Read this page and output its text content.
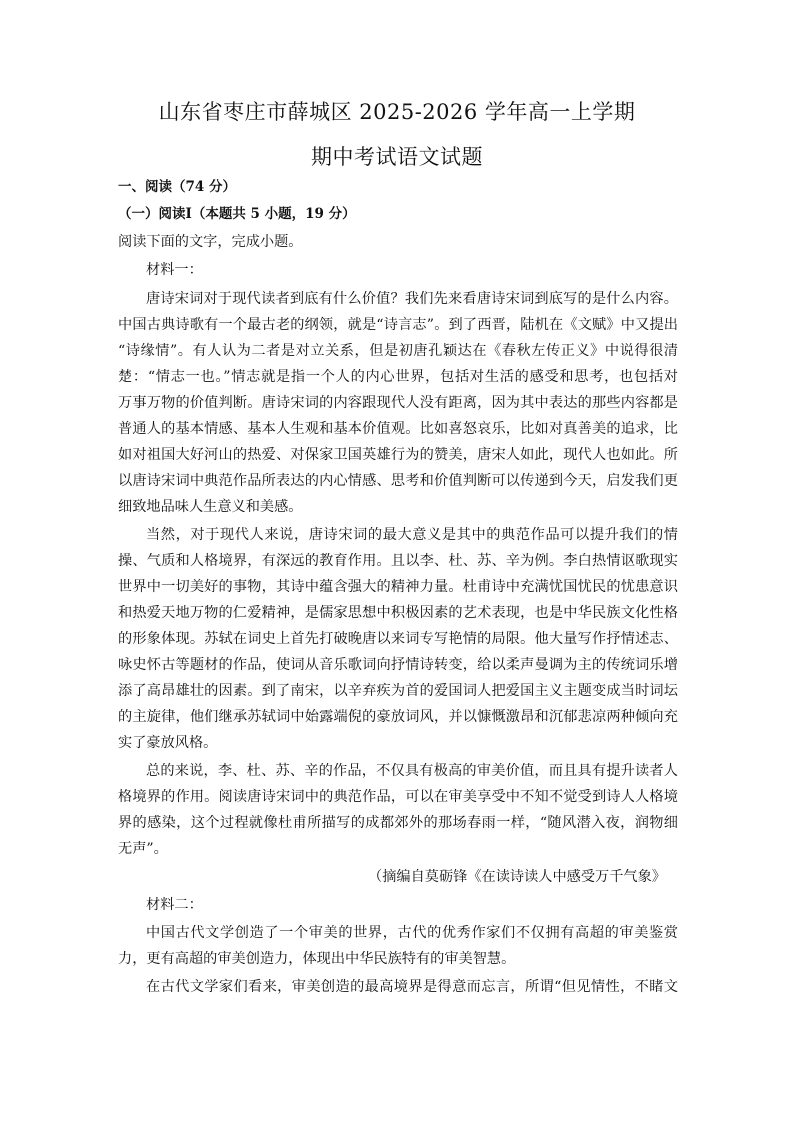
山东省枣庄市薛城区 2025-2026 学年高一上学期
期中考试语文试题
一、阅读（74 分）
（一）阅读Ⅰ（本题共 5 小题，19 分）
阅读下面的文字，完成小题。
材料一：
唐诗宋词对于现代读者到底有什么价值？我们先来看唐诗宋词到底写的是什么内容。
中国古典诗歌有一个最古老的纲领，就是“诗言志”。到了西晋，陆机在《文赋》中又提出
“诗缘情”。有人认为二者是对立关系，但是初唐孔颖达在《春秋左传正义》中说得很清
楚：“情志一也。”情志就是指一个人的内心世界，包括对生活的感受和思考，也包括对
万事万物的价值判断。唐诗宋词的内容跟现代人没有距离，因为其中表达的那些内容都是
普通人的基本情感、基本人生观和基本价值观。比如喜怒哀乐，比如对真善美的追求，比
如对祖国大好河山的热爱、对保家卫国英雄行为的赞美，唐宋人如此，现代人也如此。所
以唐诗宋词中典范作品所表达的内心情感、思考和价值判断可以传递到今天，启发我们更
细致地品味人生意义和美感。
当然，对于现代人来说，唐诗宋词的最大意义是其中的典范作品可以提升我们的情
操、气质和人格境界，有深远的教育作用。且以李、杜、苏、辛为例。李白热情讴歌现实
世界中一切美好的事物，其诗中蕴含强大的精神力量。杜甫诗中充满忧国忧民的忧患意识
和热爱天地万物的仁爱精神，是儒家思想中积极因素的艺术表现，也是中华民族文化性格
的形象体现。苏轼在词史上首先打破晚唐以来词专写艳情的局限。他大量写作抒情述志、
咏史怀古等题材的作品，使词从音乐歌词向抒情诗转变，给以柔声曼调为主的传统词乐增
添了高昂雄壮的因素。到了南宋，以辛弃疾为首的爱国词人把爱国主义主题变成当时词坛
的主旋律，他们继承苏轼词中始露端倪的豪放词风，并以慷慨激昂和沉郁悲凉两种倾向充
实了豪放风格。
总的来说，李、杜、苏、辛的作品，不仅具有极高的审美价值，而且具有提升读者人
格境界的作用。阅读唐诗宋词中的典范作品，可以在审美享受中不知不觉受到诗人人格境
界的感染，这个过程就像杜甫所描写的成都郊外的那场春雨一样，“随风潜入夜，润物细
无声”。
（摘编自莫砺锋《在读诗读人中感受万千气象》
材料二：
中国古代文学创造了一个审美的世界，古代的优秀作家们不仅拥有高超的审美鉴赏
力，更有高超的审美创造力，体现出中华民族特有的审美智慧。
在古代文学家们看来，审美创造的最高境界是得意而忘言，所谓“但见情性，不睹文
